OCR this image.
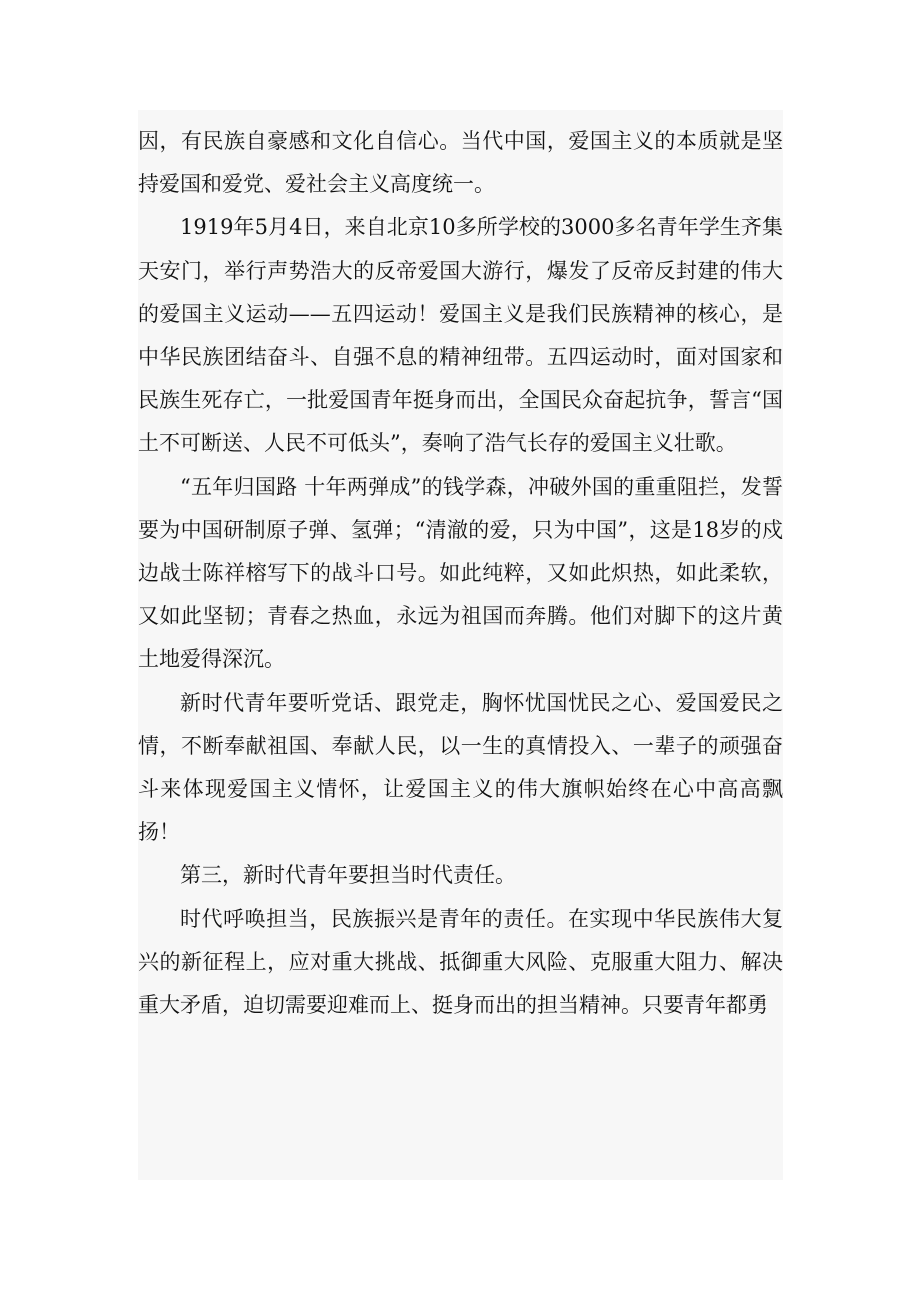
因，有民族自豪感和文化自信心。当代中国，爱国主义的本质就是坚持爱国和爱党、爱社会主义高度统一。

1919年5月4日，来自北京10多所学校的3000多名青年学生齐集天安门，举行声势浩大的反帝爱国大游行，爆发了反帝反封建的伟大的爱国主义运动——五四运动！爱国主义是我们民族精神的核心，是中华民族团结奋斗、自强不息的精神纽带。五四运动时，面对国家和民族生死存亡，一批爱国青年挺身而出，全国民众奋起抗争，誓言“国土不可断送、人民不可低头”，奏响了浩气长存的爱国主义壮歌。

“五年归国路 十年两弹成”的钱学森，冲破外国的重重阻拦，发誓要为中国研制原子弹、氢弹；“清澈的爱，只为中国”，这是18岁的戍边战士陈祥榕写下的战斗口号。如此纯粹，又如此炽热，如此柔软，又如此坚韧；青春之热血，永远为祖国而奔腾。他们对脚下的这片黄土地爱得深沉。

新时代青年要听党话、跟党走，胸怀忧国忧民之心、爱国爱民之情，不断奉献祖国、奉献人民，以一生的真情投入、一辈子的顽强奋斗来体现爱国主义情怀，让爱国主义的伟大旗帜始终在心中高高飘扬！

第三，新时代青年要担当时代责任。

时代呼唤担当，民族振兴是青年的责任。在实现中华民族伟大复兴的新征程上，应对重大挑战、抵御重大风险、克服重大阻力、解决重大矛盾，迫切需要迎难而上、挺身而出的担当精神。只要青年都勇
